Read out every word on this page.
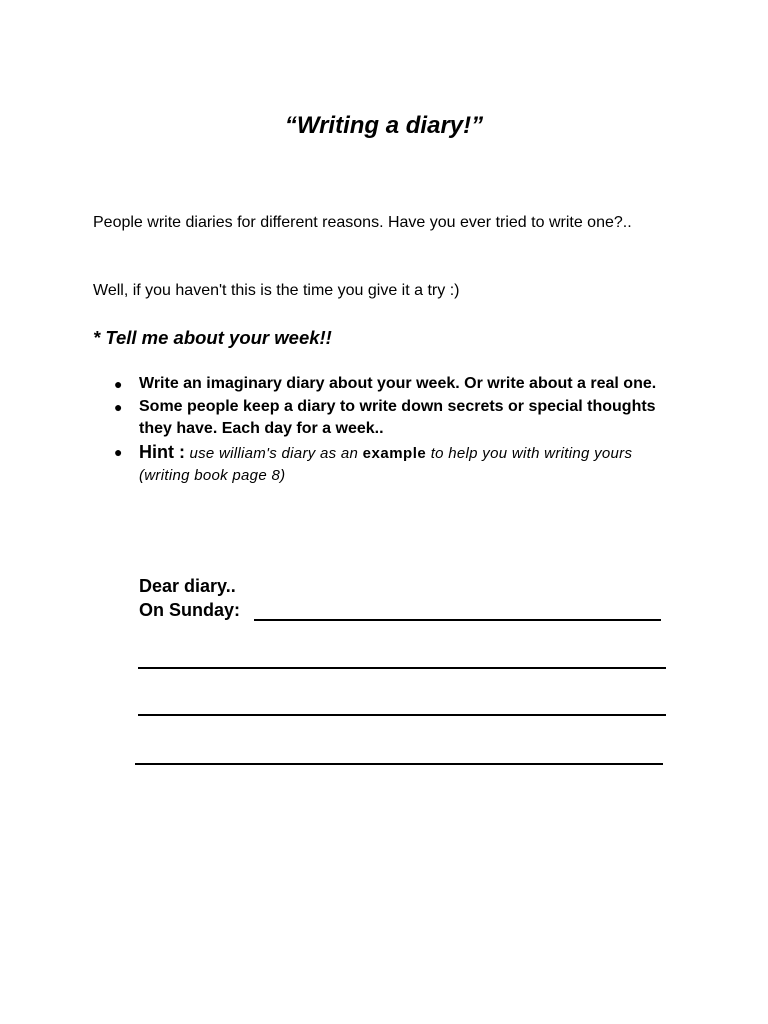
“Writing a diary!”
People write diaries for different reasons. Have you ever tried to write one?..
Well, if you haven't this is the time you give it a try :)
* Tell me about your week!!
● Write an imaginary diary about your week. Or write about a real one.
● Some people keep a diary to write down secrets or special thoughts they have. Each day for a week..
● Hint : use william's diary as an example to help you with writing yours
(writing book page 8)
Dear diary..
On Sunday:
